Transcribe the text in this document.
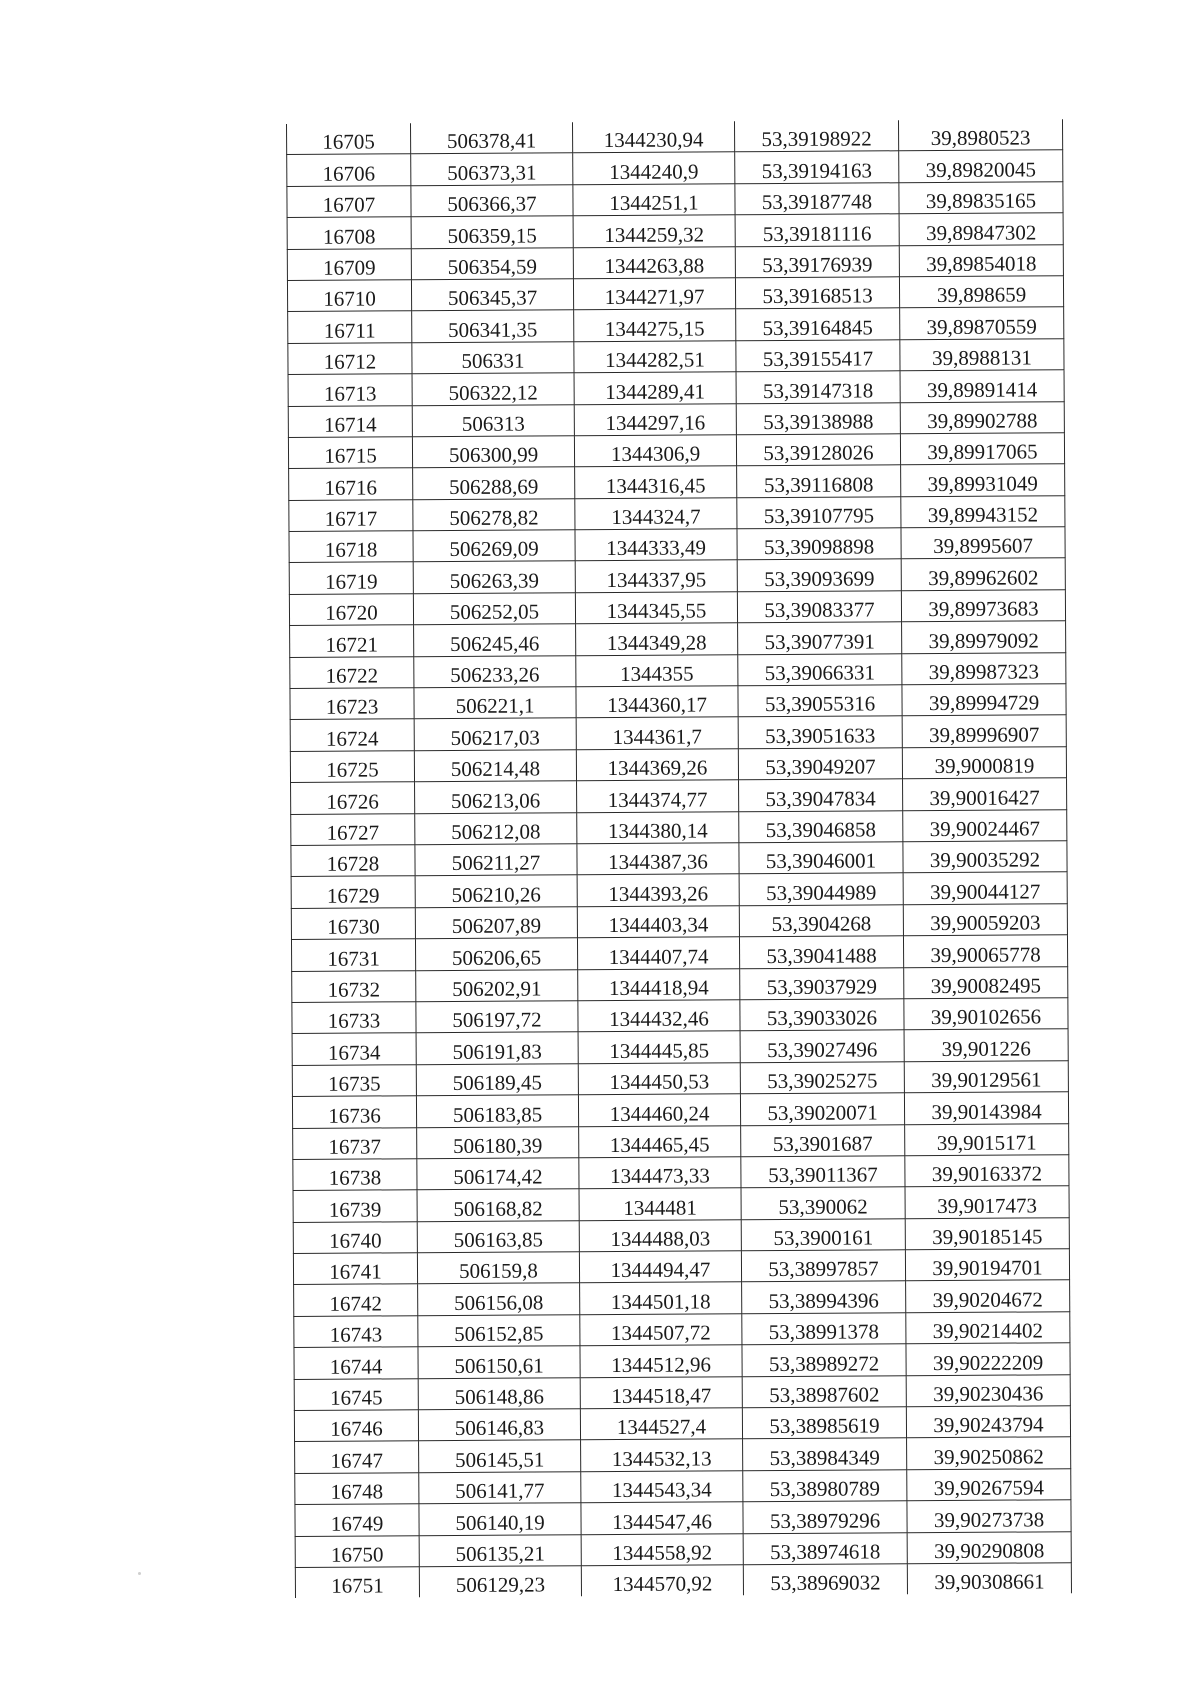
16705	506378,41	1344230,94	53,39198922	39,8980523
16706	506373,31	1344240,9	53,39194163	39,89820045
16707	506366,37	1344251,1	53,39187748	39,89835165
16708	506359,15	1344259,32	53,39181116	39,89847302
16709	506354,59	1344263,88	53,39176939	39,89854018
16710	506345,37	1344271,97	53,39168513	39,898659
16711	506341,35	1344275,15	53,39164845	39,89870559
16712	506331	1344282,51	53,39155417	39,8988131
16713	506322,12	1344289,41	53,39147318	39,89891414
16714	506313	1344297,16	53,39138988	39,89902788
16715	506300,99	1344306,9	53,39128026	39,89917065
16716	506288,69	1344316,45	53,39116808	39,89931049
16717	506278,82	1344324,7	53,39107795	39,89943152
16718	506269,09	1344333,49	53,39098898	39,8995607
16719	506263,39	1344337,95	53,39093699	39,89962602
16720	506252,05	1344345,55	53,39083377	39,89973683
16721	506245,46	1344349,28	53,39077391	39,89979092
16722	506233,26	1344355	53,39066331	39,89987323
16723	506221,1	1344360,17	53,39055316	39,89994729
16724	506217,03	1344361,7	53,39051633	39,89996907
16725	506214,48	1344369,26	53,39049207	39,9000819
16726	506213,06	1344374,77	53,39047834	39,90016427
16727	506212,08	1344380,14	53,39046858	39,90024467
16728	506211,27	1344387,36	53,39046001	39,90035292
16729	506210,26	1344393,26	53,39044989	39,90044127
16730	506207,89	1344403,34	53,3904268	39,90059203
16731	506206,65	1344407,74	53,39041488	39,90065778
16732	506202,91	1344418,94	53,39037929	39,90082495
16733	506197,72	1344432,46	53,39033026	39,90102656
16734	506191,83	1344445,85	53,39027496	39,901226
16735	506189,45	1344450,53	53,39025275	39,90129561
16736	506183,85	1344460,24	53,39020071	39,90143984
16737	506180,39	1344465,45	53,3901687	39,9015171
16738	506174,42	1344473,33	53,39011367	39,90163372
16739	506168,82	1344481	53,390062	39,9017473
16740	506163,85	1344488,03	53,3900161	39,90185145
16741	506159,8	1344494,47	53,38997857	39,90194701
16742	506156,08	1344501,18	53,38994396	39,90204672
16743	506152,85	1344507,72	53,38991378	39,90214402
16744	506150,61	1344512,96	53,38989272	39,90222209
16745	506148,86	1344518,47	53,38987602	39,90230436
16746	506146,83	1344527,4	53,38985619	39,90243794
16747	506145,51	1344532,13	53,38984349	39,90250862
16748	506141,77	1344543,34	53,38980789	39,90267594
16749	506140,19	1344547,46	53,38979296	39,90273738
16750	506135,21	1344558,92	53,38974618	39,90290808
16751	506129,23	1344570,92	53,38969032	39,90308661
